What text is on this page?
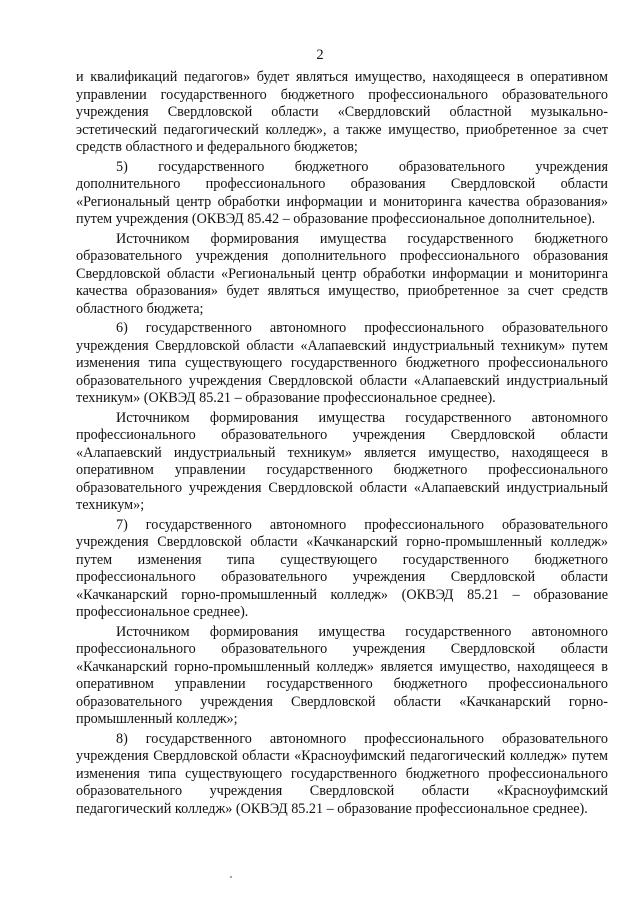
2

и квалификаций педагогов» будет являться имущество, находящееся в оперативном управлении государственного бюджетного профессионального образовательного учреждения Свердловской области «Свердловский областной музыкально-эстетический педагогический колледж», а также имущество, приобретенное за счет средств областного и федерального бюджетов;

5) государственного бюджетного образовательного учреждения дополнительного профессионального образования Свердловской области «Региональный центр обработки информации и мониторинга качества образования» путем учреждения (ОКВЭД 85.42 – образование профессиональное дополнительное).

Источником формирования имущества государственного бюджетного образовательного учреждения дополнительного профессионального образования Свердловской области «Региональный центр обработки информации и мониторинга качества образования» будет являться имущество, приобретенное за счет средств областного бюджета;

6) государственного автономного профессионального образовательного учреждения Свердловской области «Алапаевский индустриальный техникум» путем изменения типа существующего государственного бюджетного профессионального образовательного учреждения Свердловской области «Алапаевский индустриальный техникум» (ОКВЭД 85.21 – образование профессиональное среднее).

Источником формирования имущества государственного автономного профессионального образовательного учреждения Свердловской области «Алапаевский индустриальный техникум» является имущество, находящееся в оперативном управлении государственного бюджетного профессионального образовательного учреждения Свердловской области «Алапаевский индустриальный техникум»;

7) государственного автономного профессионального образовательного учреждения Свердловской области «Качканарский горно-промышленный колледж» путем изменения типа существующего государственного бюджетного профессионального образовательного учреждения Свердловской области «Качканарский горно-промышленный колледж» (ОКВЭД 85.21 – образование профессиональное среднее).

Источником формирования имущества государственного автономного профессионального образовательного учреждения Свердловской области «Качканарский горно-промышленный колледж» является имущество, находящееся в оперативном управлении государственного бюджетного профессионального образовательного учреждения Свердловской области «Качканарский горно-промышленный колледж»;

8) государственного автономного профессионального образовательного учреждения Свердловской области «Красноуфимский педагогический колледж» путем изменения типа существующего государственного бюджетного профессионального образовательного учреждения Свердловской области «Красноуфимский педагогический колледж» (ОКВЭД 85.21 – образование профессиональное среднее).
